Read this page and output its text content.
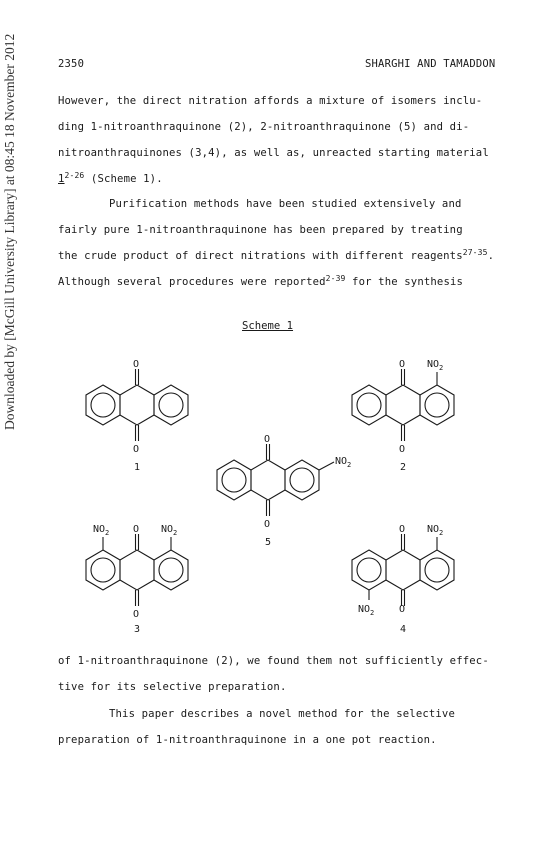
Downloaded by [McGill University Library] at 08:45 18 November 2012	2350	SHARGHI AND TAMADDON
However, the direct nitration affords a mixture of isomers inclu-
ding 1-nitroanthraquinone (2), 2-nitroanthraquinone (5) and di-
nitroanthraquinones (3,4), as well as, unreacted starting material
1$^{2-26}$ (Scheme 1).
Purification methods have been studied extensively and
fairly pure 1-nitroanthraquinone has been prepared by treating
the crude product of direct nitrations with different reagents$^{27-35}$.
Although several procedures were reported$^{2-39}$ for the synthesis
Scheme 1
O
O
1
O $NO_2$
O
2
O
$NO_2$
O
5
$NO_2$ O $NO_2$
O
3
O $NO_2$
$NO_2$ O
4
of 1-nitroanthraquinone (2), we found them not sufficiently effec-
tive for its selective preparation.
This paper describes a novel method for the selective
preparation of 1-nitroanthraquinone in a one pot reaction.
